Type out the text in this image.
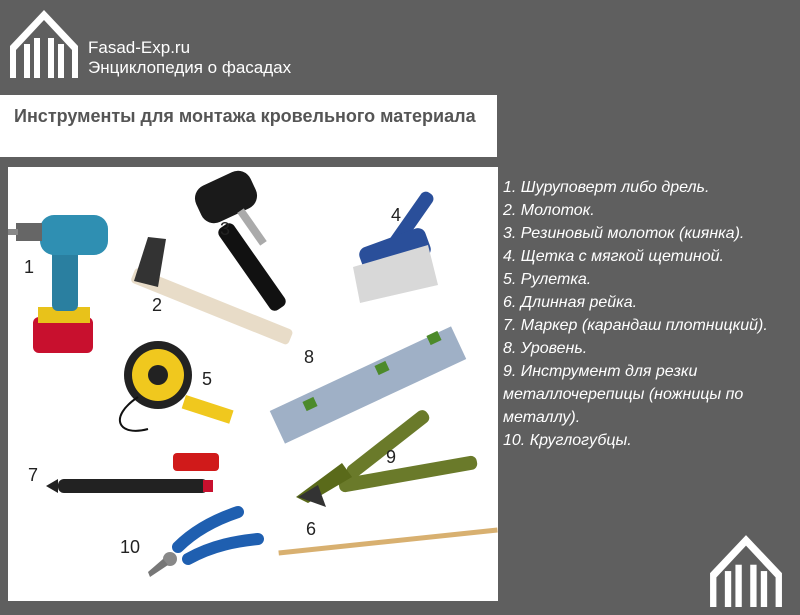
Fasad-Exp.ru
Энциклопедия о фасадах
Инструменты для монтажа кровельного материала
1
2
3
4
5
6
7
8
9
10
1. Шуруповерт либо дрель.
2. Молоток.
3. Резиновый молоток (киянка).
4. Щетка с мягкой щетиной.
5. Рулетка.
6. Длинная рейка.
7. Маркер (карандаш плотницкий).
8. Уровень.
9. Инструмент для резки металлочерепицы (ножницы по металлу).
10. Круглогубцы.
